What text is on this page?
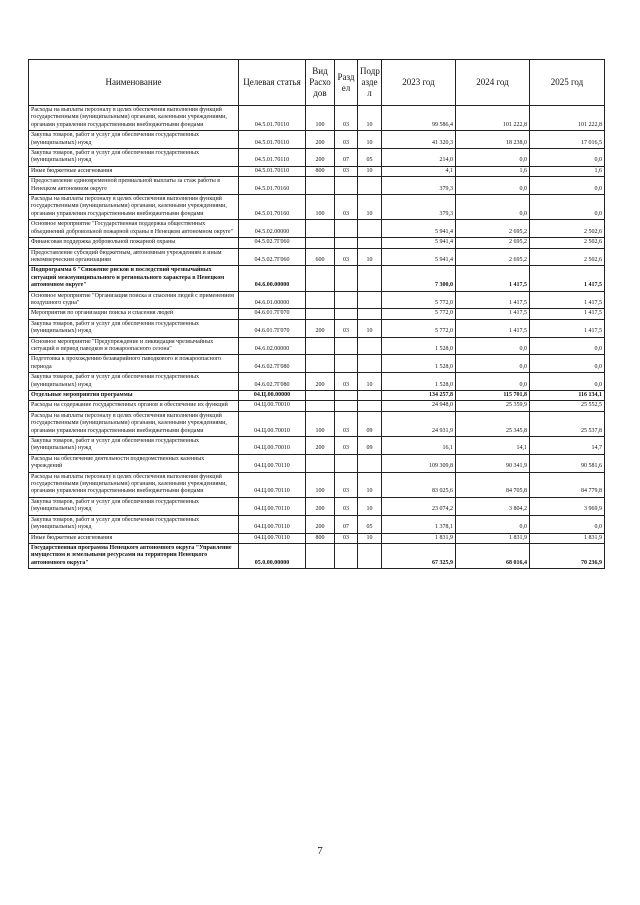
Наименование	Целевая статья	Вид Расхо дов	Разд ел	Подр азде л	2023 год	2024 год	2025 год
Расходы на выплаты персоналу в целях обеспечения выполнения функций государственными (муниципальными) органами, казенными учреждениями, органами управления государственными внебюджетными фондами	04.5.01.70110	100	03	10	99 586,4	101 222,8	101 222,8
Закупка товаров, работ и услуг для обеспечения государственных (муниципальных) нужд	04.5.01.70110	200	03	10	41 320,3	18 238,0	17 016,5
Закупка товаров, работ и услуг для обеспечения государственных (муниципальных) нужд	04.5.01.70110	200	07	05	214,0	0,0	0,0
Иные бюджетные ассигнования	04.5.01.70110	800	03	10	4,1	1,6	1,6
Предоставление единовременной премиальной выплаты за стаж работы в Ненецком автономном округе	04.5.01.70160				379,3	0,0	0,0
Расходы на выплаты персоналу в целях обеспечения выполнения функций государственными (муниципальными) органами, казенными учреждениями, органами управления государственными внебюджетными фондами	04.5.01.70160	100	03	10	379,3	0,0	0,0
Основное мероприятие "Государственная поддержка общественных объединений добровольной пожарной охраны в Ненецком автономном округе"	04.5.02.00000				5 941,4	2 695,2	2 502,6
Финансовая поддержка добровольной пожарной охраны	04.5.02.7Г060				5 941,4	2 695,2	2 502,6
Предоставление субсидий бюджетным, автономным учреждениям и иным некоммерческим организациям	04.5.02.7Г060	600	03	10	5 941,4	2 695,2	2 502,6
Подпрограмма 6 "Снижение рисков и последствий чрезвычайных ситуаций межмуниципального и регионального характера в Ненецком автономном округе"	04.6.00.00000				7 300,0	1 417,5	1 417,5
Основное мероприятие "Организация поиска и спасения людей с применением воздушного судна"	04.6.01.00000				5 772,0	1 417,5	1 417,5
Мероприятия по организации поиска и спасения людей	04.6.01.7Г070				5 772,0	1 417,5	1 417,5
Закупка товаров, работ и услуг для обеспечения государственных (муниципальных) нужд	04.6.01.7Г070	200	03	10	5 772,0	1 417,5	1 417,5
Основное мероприятие "Предупреждение и ликвидация чрезвычайных ситуаций в период паводков и пожароопасного сезона"	04.6.02.00000				1 528,0	0,0	0,0
Подготовка к прохождению безаварийного паводкового и пожароопасного периода	04.6.02.7Г080				1 528,0	0,0	0,0
Закупка товаров, работ и услуг для обеспечения государственных (муниципальных) нужд	04.6.02.7Г080	200	03	10	1 528,0	0,0	0,0
Отдельные мероприятия программы	04.Ц.00.00000				134 257,8	115 701,8	116 134,1
Расходы на содержание государственных органов и обеспечение их функций	04.Ц.00.70010				24 948,0	25 359,9	25 552,5
Расходы на выплаты персоналу в целях обеспечения выполнения функций государственными (муниципальными) органами, казенными учреждениями, органами управления государственными внебюджетными фондами	04.Ц.00.70010	100	03	09	24 931,9	25 345,8	25 537,8
Закупка товаров, работ и услуг для обеспечения государственных (муниципальных) нужд	04.Ц.00.70010	200	03	09	16,1	14,1	14,7
Расходы на обеспечение деятельности подведомственных казенных учреждений	04.Ц.00.70110				109 309,8	90 341,9	90 581,6
Расходы на выплаты персоналу в целях обеспечения выполнения функций государственными (муниципальными) органами, казенными учреждениями, органами управления государственными внебюджетными фондами	04.Ц.00.70110	100	03	10	83 025,6	84 705,8	84 779,8
Закупка товаров, работ и услуг для обеспечения государственных (муниципальных) нужд	04.Ц.00.70110	200	03	10	23 074,2	3 804,2	3 969,9
Закупка товаров, работ и услуг для обеспечения государственных (муниципальных) нужд	04.Ц.00.70110	200	07	05	1 378,1	0,0	0,0
Иные бюджетные ассигнования	04.Ц.00.70110	800	03	10	1 831,9	1 831,9	1 831,9
Государственная программа Ненецкого автономного округа "Управление имуществом и земельными ресурсами на территории Ненецкого автономного округа"	05.0.00.00000				67 325,9	68 016,4	70 236,9
7
